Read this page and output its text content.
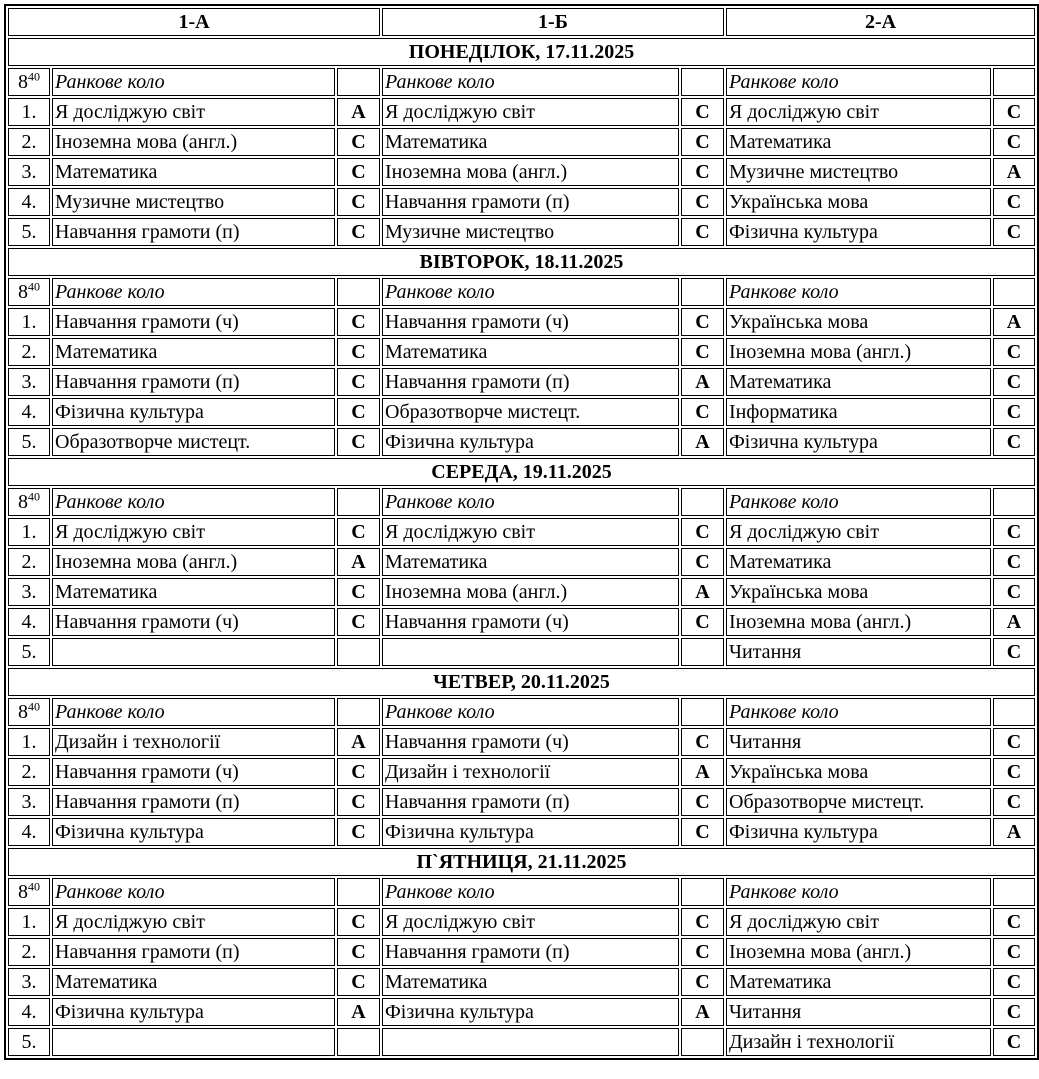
1-А			1-Б		2-А	
ПОНЕДІЛОК, 17.11.2025						
$8^{40}$	Ранкове коло		Ранкове коло		Ранкове коло	
1.	Я досліджую світ	А	Я досліджую світ	С	Я досліджую світ	С
2.	Іноземна мова (англ.)	С	Математика	С	Математика	С
3.	Математика	С	Іноземна мова (англ.)	С	Музичне мистецтво	А
4.	Музичне мистецтво	С	Навчання грамоти (п)	С	Українська мова	С
5.	Навчання грамоти (п)	С	Музичне мистецтво	С	Фізична культура	С
ВІВТОРОК, 18.11.2025						
$8^{40}$	Ранкове коло		Ранкове коло		Ранкове коло	
1.	Навчання грамоти (ч)	С	Навчання грамоти (ч)	С	Українська мова	А
2.	Математика	С	Математика	С	Іноземна мова (англ.)	С
3.	Навчання грамоти (п)	С	Навчання грамоти (п)	А	Математика	С
4.	Фізична культура	С	Образотворче мистецт.	С	Інформатика	С
5.	Образотворче мистецт.	С	Фізична культура	А	Фізична культура	С
СЕРЕДА, 19.11.2025						
$8^{40}$	Ранкове коло		Ранкове коло		Ранкове коло	
1.	Я досліджую світ	С	Я досліджую світ	С	Я досліджую світ	С
2.	Іноземна мова (англ.)	А	Математика	С	Математика	С
3.	Математика	С	Іноземна мова (англ.)	А	Українська мова	С
4.	Навчання грамоти (ч)	С	Навчання грамоти (ч)	С	Іноземна мова (англ.)	А
5.					Читання	С
ЧЕТВЕР, 20.11.2025						
$8^{40}$	Ранкове коло		Ранкове коло		Ранкове коло	
1.	Дизайн і технології	А	Навчання грамоти (ч)	С	Читання	С
2.	Навчання грамоти (ч)	С	Дизайн і технології	А	Українська мова	С
3.	Навчання грамоти (п)	С	Навчання грамоти (п)	С	Образотворче мистецт.	С
4.	Фізична культура	С	Фізична культура	С	Фізична культура	А
П`ЯТНИЦЯ, 21.11.2025						
$8^{40}$	Ранкове коло		Ранкове коло		Ранкове коло	
1.	Я досліджую світ	С	Я досліджую світ	С	Я досліджую світ	С
2.	Навчання грамоти (п)	С	Навчання грамоти (п)	С	Іноземна мова (англ.)	С
3.	Математика	С	Математика	С	Математика	С
4.	Фізична культура	А	Фізична культура	А	Читання	С
5.					Дизайн і технології	С
